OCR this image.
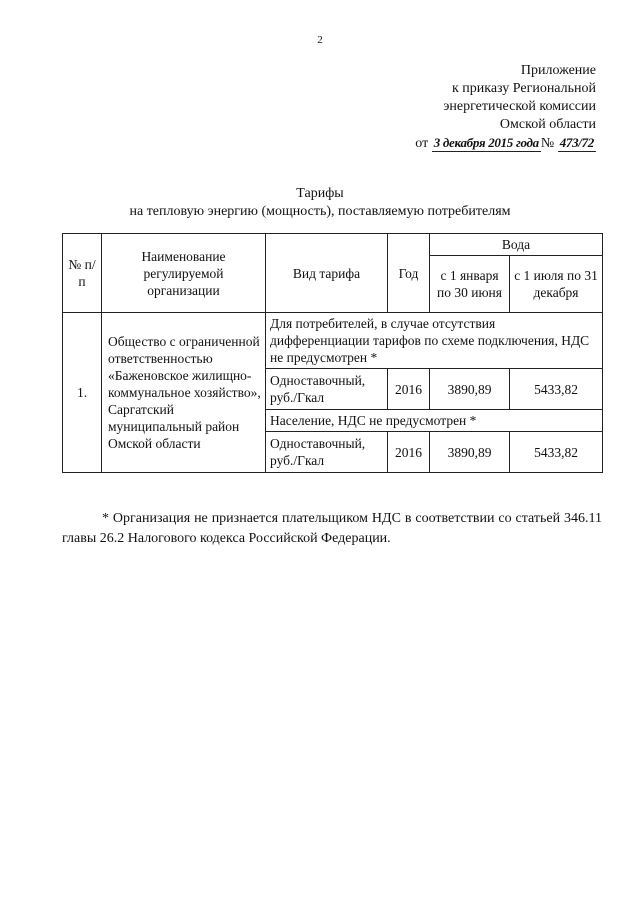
2
Приложение
к приказу Региональной
энергетической комиссии
Омской области
от 3 декабря 2015 года № 473/72
Тарифы
на тепловую энергию (мощность), поставляемую потребителям
№ п/п	Наименование регулируемой организации	Вид тарифа	Год	Вода	
				с 1 января по 30 июня	с 1 июля по 31 декабря
1.	Общество с ограниченной ответственностью «Баженовское жилищно-коммунальное хозяйство», Саргатский муниципальный район Омской области	Для потребителей, в случае отсутствия дифференциации тарифов по схеме подключения, НДС не предусмотрен *			
		Одноставочный, руб./Гкал	2016	3890,89	5433,82
		Население, НДС не предусмотрен *			
		Одноставочный, руб./Гкал	2016	3890,89	5433,82
* Организация не признается плательщиком НДС в соответствии со статьей 346.11 главы 26.2 Налогового кодекса Российской Федерации.
